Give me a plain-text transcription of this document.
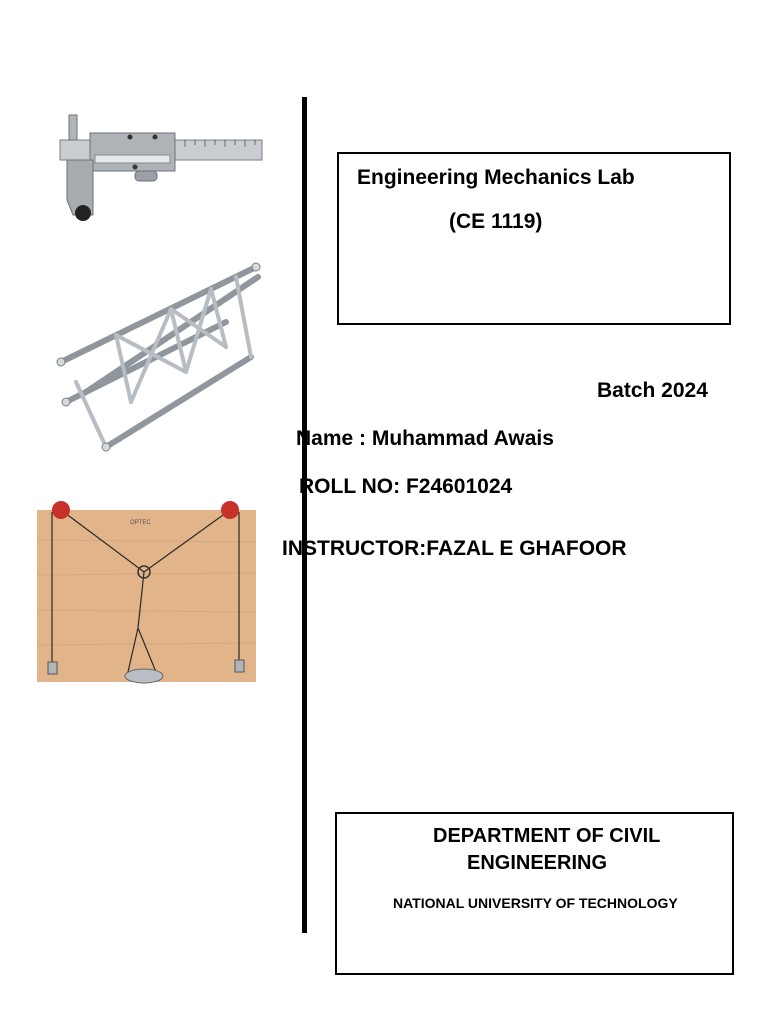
OPTEC
Engineering Mechanics Lab
(CE 1119)
Batch 2024
Name : Muhammad Awais
ROLL NO: F24601024
INSTRUCTOR:FAZAL E GHAFOOR
DEPARTMENT OF CIVIL
ENGINEERING
NATIONAL UNIVERSITY OF TECHNOLOGY
